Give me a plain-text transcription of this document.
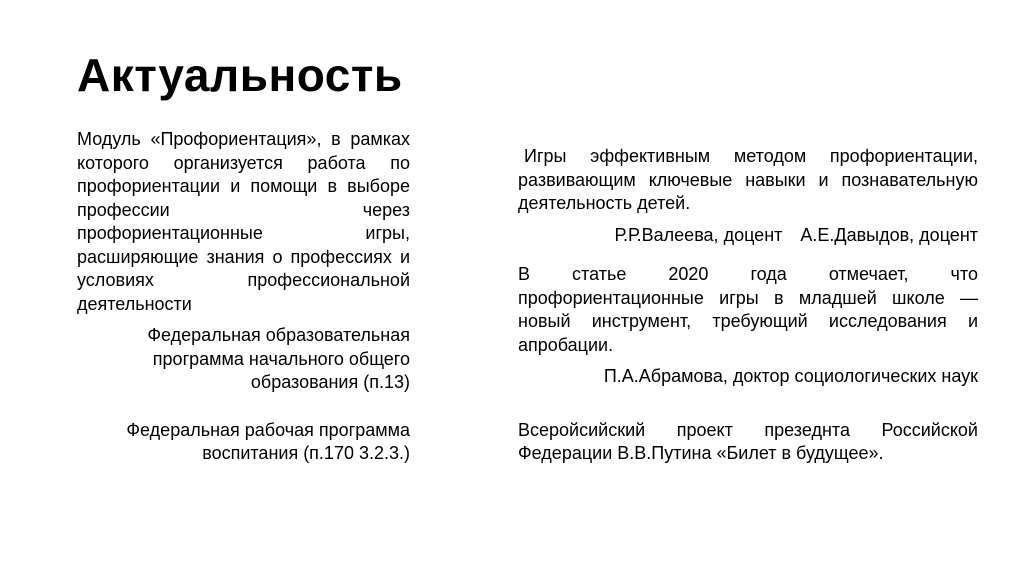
Актуальность

Модуль «Профориентация», в рамках которого организуется работа по профориентации и помощи в выборе профессии через профориентационные игры, расширяющие знания о профессиях и условиях профессиональной деятельности

Федеральная образовательная программа начального общего образования (п.13)

Федеральная рабочая программа воспитания (п.170 3.2.3.)

Игры эффективным методом профориентации, развивающим ключевые навыки и познавательную деятельность детей.

Р.Р.Валеева, доцент А.Е.Давыдов, доцент

В статье 2020 года отмечает, что профориентационные игры в младшей школе — новый инструмент, требующий исследования и апробации.

П.А.Абрамова, доктор социологических наук

Всеройсийский проект презеднта Российской Федерации В.В.Путина «Билет в будущее».
